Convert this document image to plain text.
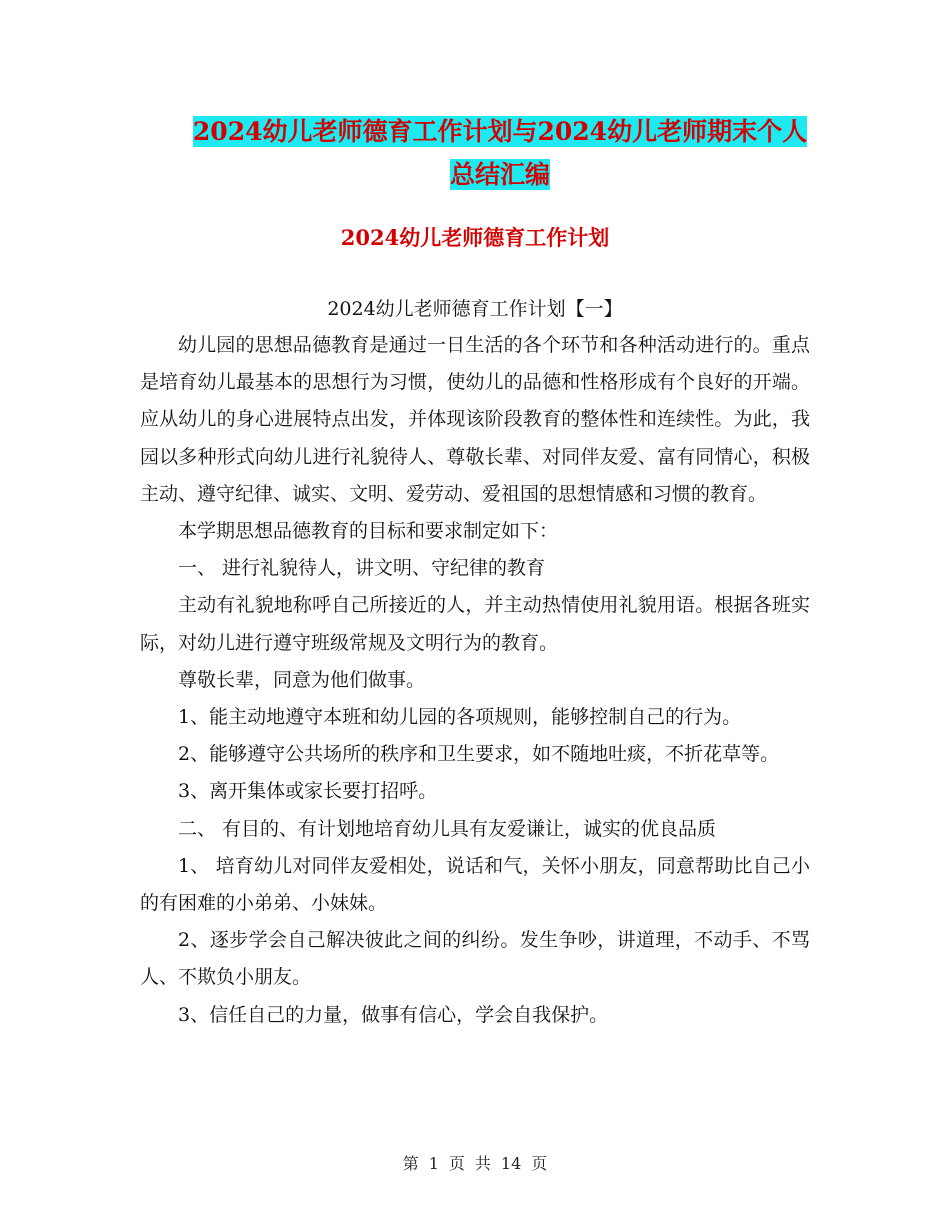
2024幼儿老师德育工作计划与2024幼儿老师期末个人
总结汇编
2024幼儿老师德育工作计划
2024幼儿老师德育工作计划【一】

幼儿园的思想品德教育是通过一日生活的各个环节和各种活动进行的。重点是培育幼儿最基本的思想行为习惯，使幼儿的品德和性格形成有个良好的开端。应从幼儿的身心进展特点出发，并体现该阶段教育的整体性和连续性。为此，我园以多种形式向幼儿进行礼貌待人、尊敬长辈、对同伴友爱、富有同情心，积极主动、遵守纪律、诚实、文明、爱劳动、爱祖国的思想情感和习惯的教育。

本学期思想品德教育的目标和要求制定如下：

一、 进行礼貌待人，讲文明、守纪律的教育

主动有礼貌地称呼自己所接近的人，并主动热情使用礼貌用语。根据各班实际，对幼儿进行遵守班级常规及文明行为的教育。

尊敬长辈，同意为他们做事。

1、能主动地遵守本班和幼儿园的各项规则，能够控制自己的行为。

2、能够遵守公共场所的秩序和卫生要求，如不随地吐痰，不折花草等。

3、离开集体或家长要打招呼。

二、 有目的、有计划地培育幼儿具有友爱谦让，诚实的优良品质

1、 培育幼儿对同伴友爱相处，说话和气，关怀小朋友，同意帮助比自己小的有困难的小弟弟、小妹妹。

2、逐步学会自己解决彼此之间的纠纷。发生争吵，讲道理，不动手、不骂人、不欺负小朋友。

3、信任自己的力量，做事有信心，学会自我保护。

第 1 页 共 14 页
